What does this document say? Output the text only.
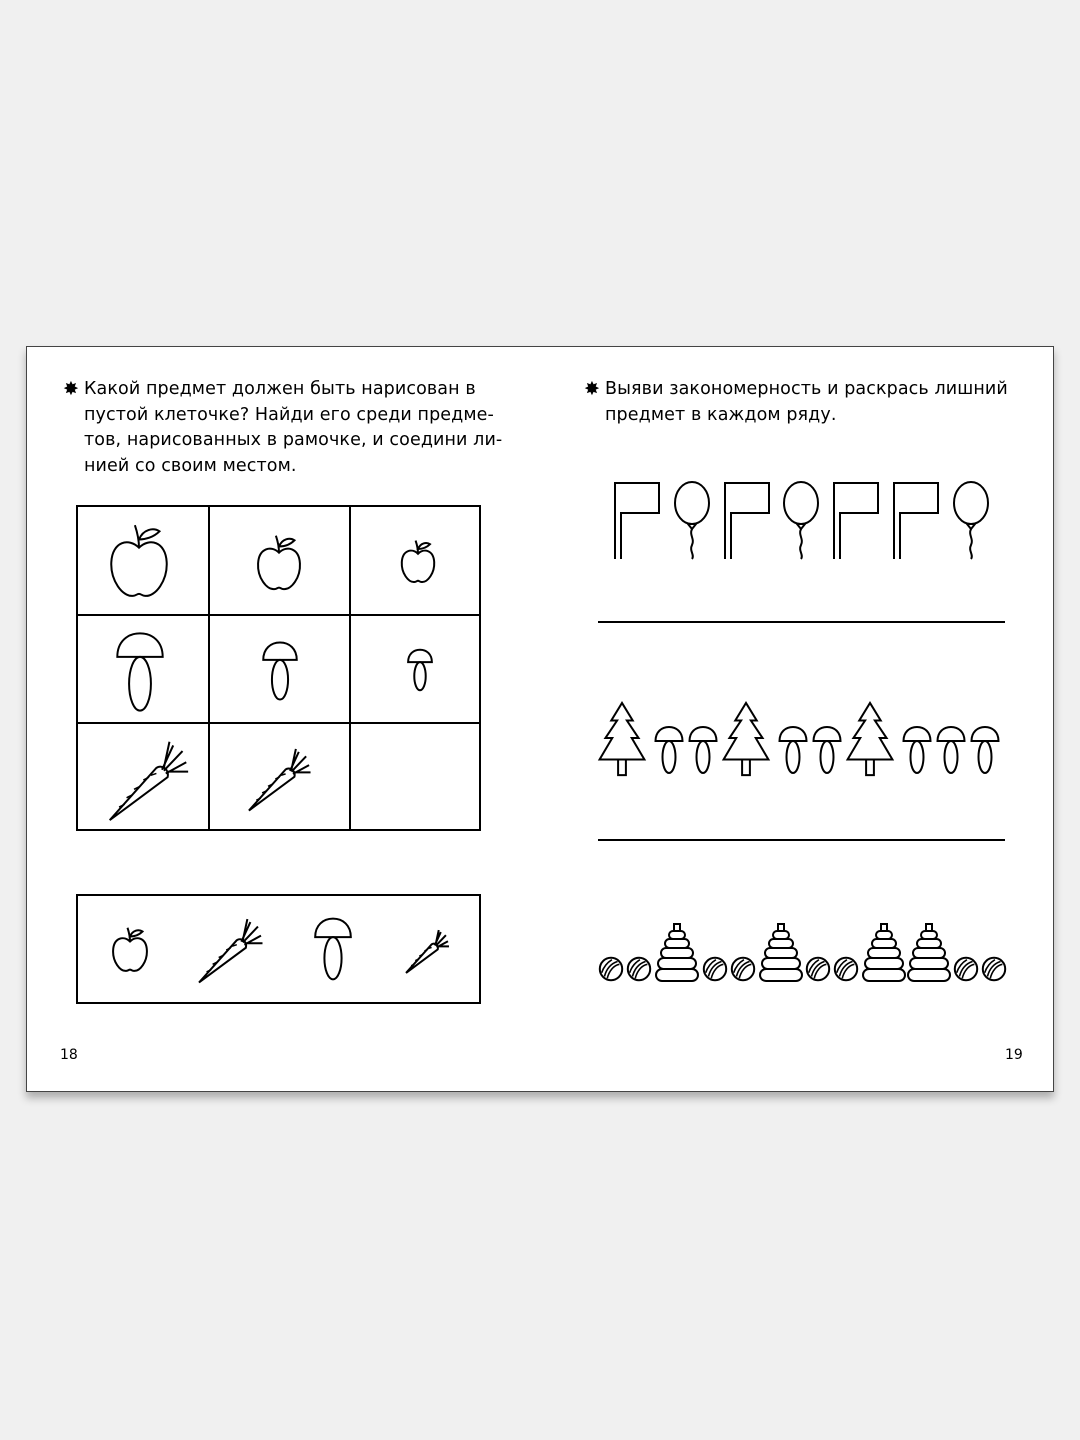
✸ Какой предмет должен быть нарисован в

пустой клеточке? Найди его среди предме-

тов, нарисованных в рамочке, и соедини ли-

нией со своим местом.

18
✸ Выяви закономерность и раскрась лишний

предмет в каждом ряду.

19
